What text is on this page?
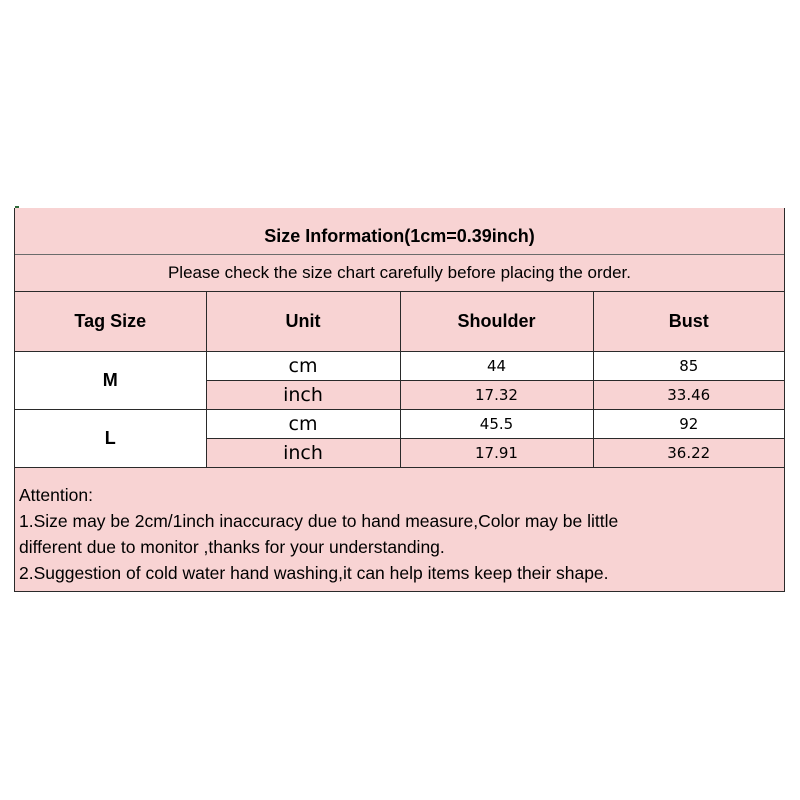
Size Information(1cm=0.39inch)
Please check the size chart carefully before placing the order.
Tag Size	Unit	Shoulder	Bust
M	cm	44	85
	inch	17.32	33.46
L	cm	45.5	92
	inch	17.91	36.22

Attention:

1.Size may be 2cm/1inch inaccuracy due to hand measure,Color may be little

different due to monitor ,thanks for your understanding.

2.Suggestion of cold water hand washing,it can help items keep their shape.
